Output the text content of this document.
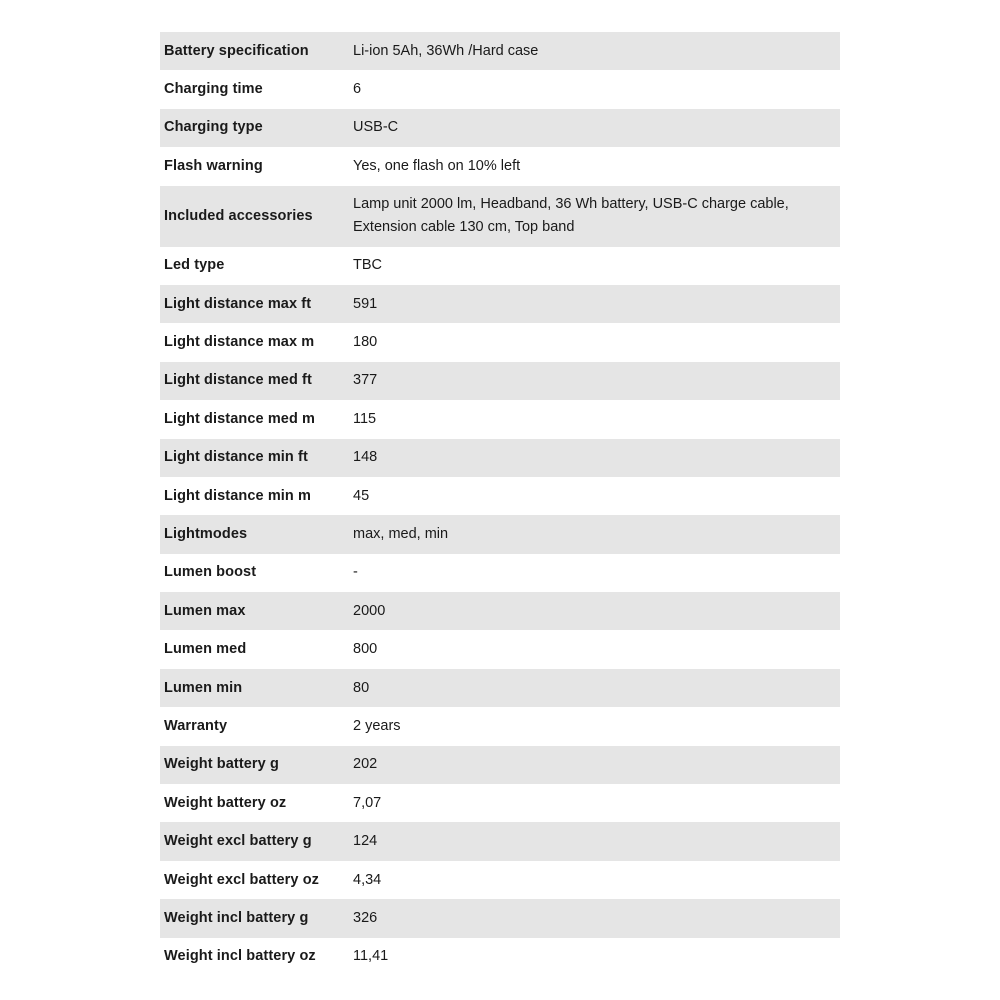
Battery specification	Li-ion 5Ah, 36Wh /Hard case
Charging time	6
Charging type	USB-C
Flash warning	Yes, one flash on 10% left
Included accessories	Lamp unit 2000 lm, Headband, 36 Wh battery, USB-C charge cable, Extension cable 130 cm, Top band
Led type	TBC
Light distance max ft	591
Light distance max m	180
Light distance med ft	377
Light distance med m	115
Light distance min ft	148
Light distance min m	45
Lightmodes	max, med, min
Lumen boost	-
Lumen max	2000
Lumen med	800
Lumen min	80
Warranty	2 years
Weight battery g	202
Weight battery oz	7,07
Weight excl battery g	124
Weight excl battery oz	4,34
Weight incl battery g	326
Weight incl battery oz	11,41
